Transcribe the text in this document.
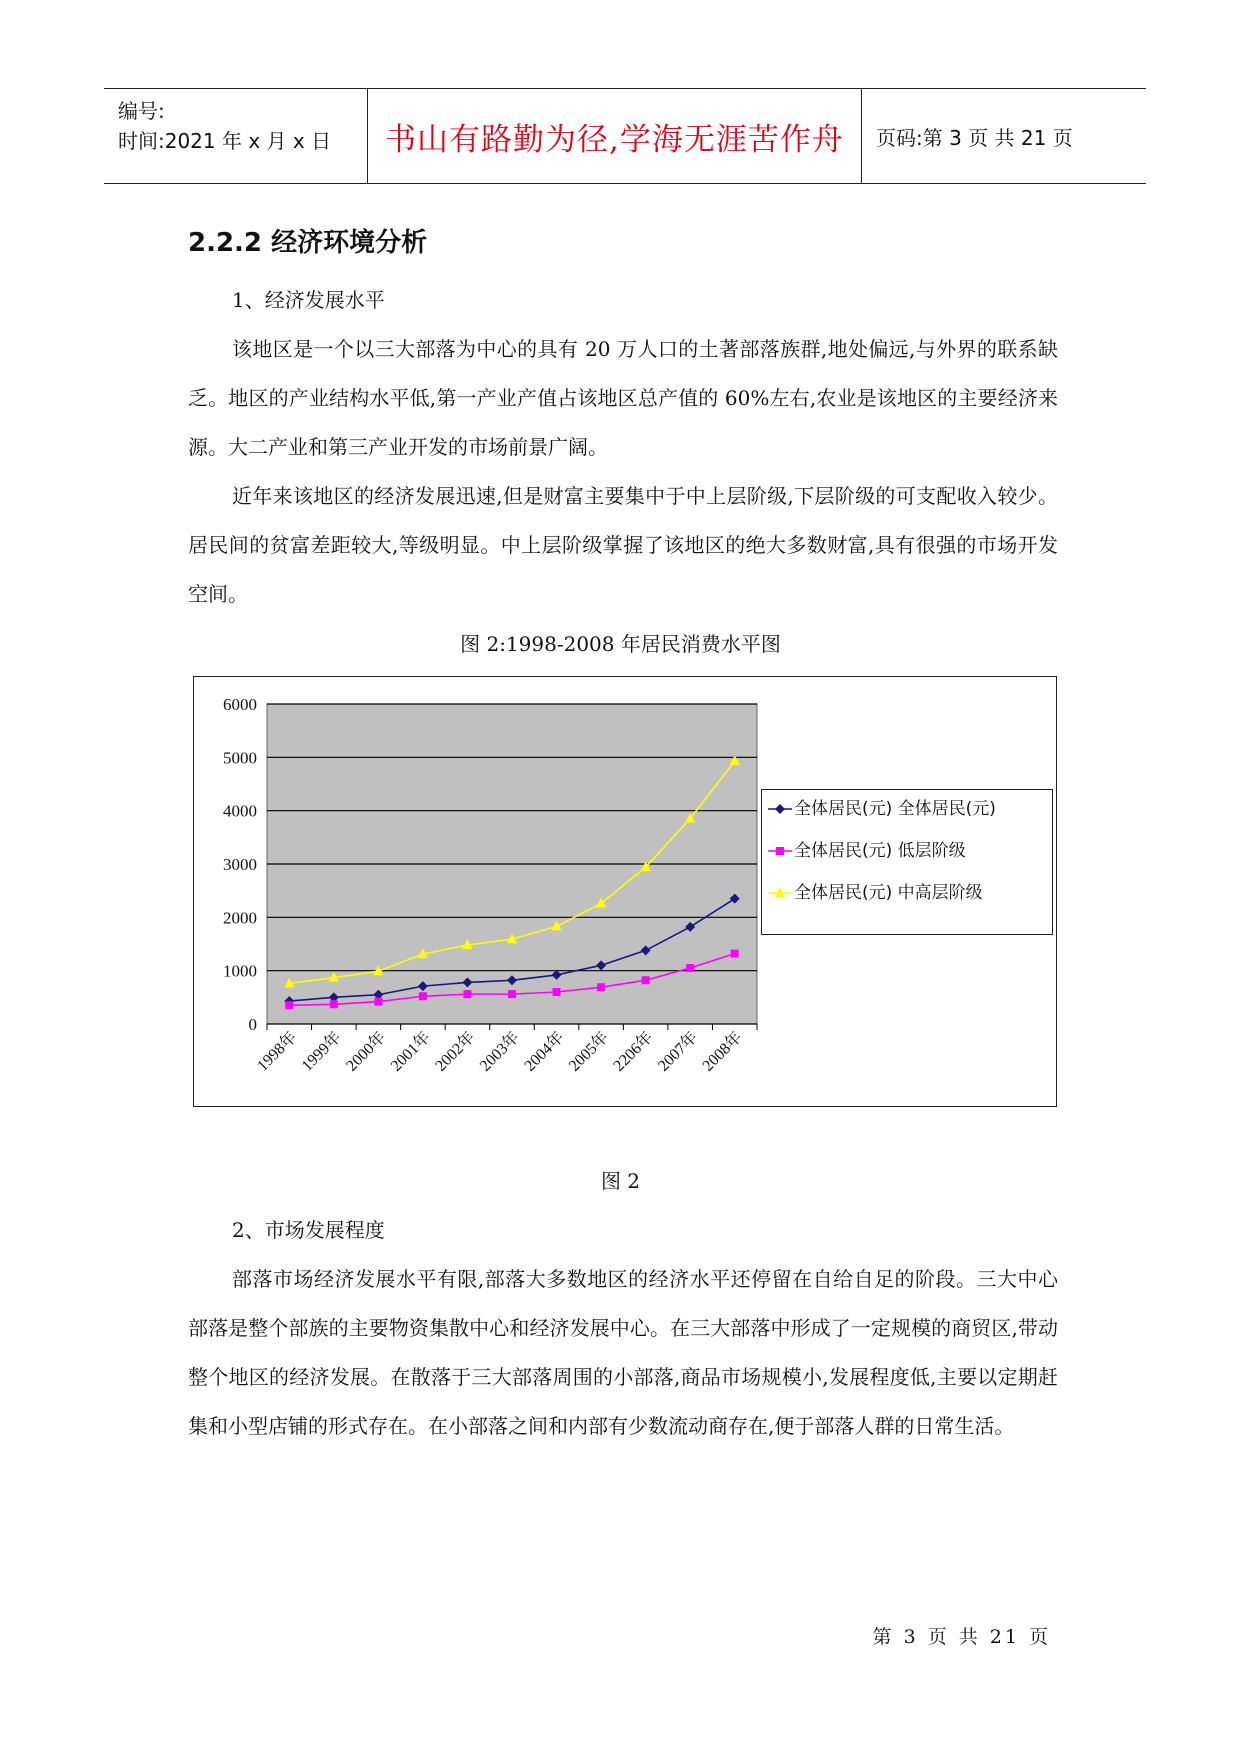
编号:
时间:2021 年 x 月 x 日 书山有路勤为径,学海无涯苦作舟 页码:第 3 页 共 21 页
2.2.2 经济环境分析
1、经济发展水平

该地区是一个以三大部落为中心的具有 20 万人口的土著部落族群,地处偏远,与外界的联系缺乏。地区的产业结构水平低,第一产业产值占该地区总产值的 60%左右,农业是该地区的主要经济来源。大二产业和第三产业开发的市场前景广阔。

近年来该地区的经济发展迅速,但是财富主要集中于中上层阶级,下层阶级的可支配收入较少。居民间的贫富差距较大,等级明显。中上层阶级掌握了该地区的绝大多数财富,具有很强的市场开发空间。

图 2:1998-2008 年居民消费水平图
0
1000
2000
3000
4000
5000
6000
1998年
1999年
2000年
2001年
2002年
2003年
2004年
2005年
2206年
2007年
2008年
全体居民(元) 全体居民(元)
全体居民(元) 低层阶级
全体居民(元) 中高层阶级
图 2
2、市场发展程度

部落市场经济发展水平有限,部落大多数地区的经济水平还停留在自给自足的阶段。三大中心部落是整个部族的主要物资集散中心和经济发展中心。在三大部落中形成了一定规模的商贸区,带动整个地区的经济发展。在散落于三大部落周围的小部落,商品市场规模小,发展程度低,主要以定期赶集和小型店铺的形式存在。在小部落之间和内部有少数流动商存在,便于部落人群的日常生活。

第 3 页 共 21 页
